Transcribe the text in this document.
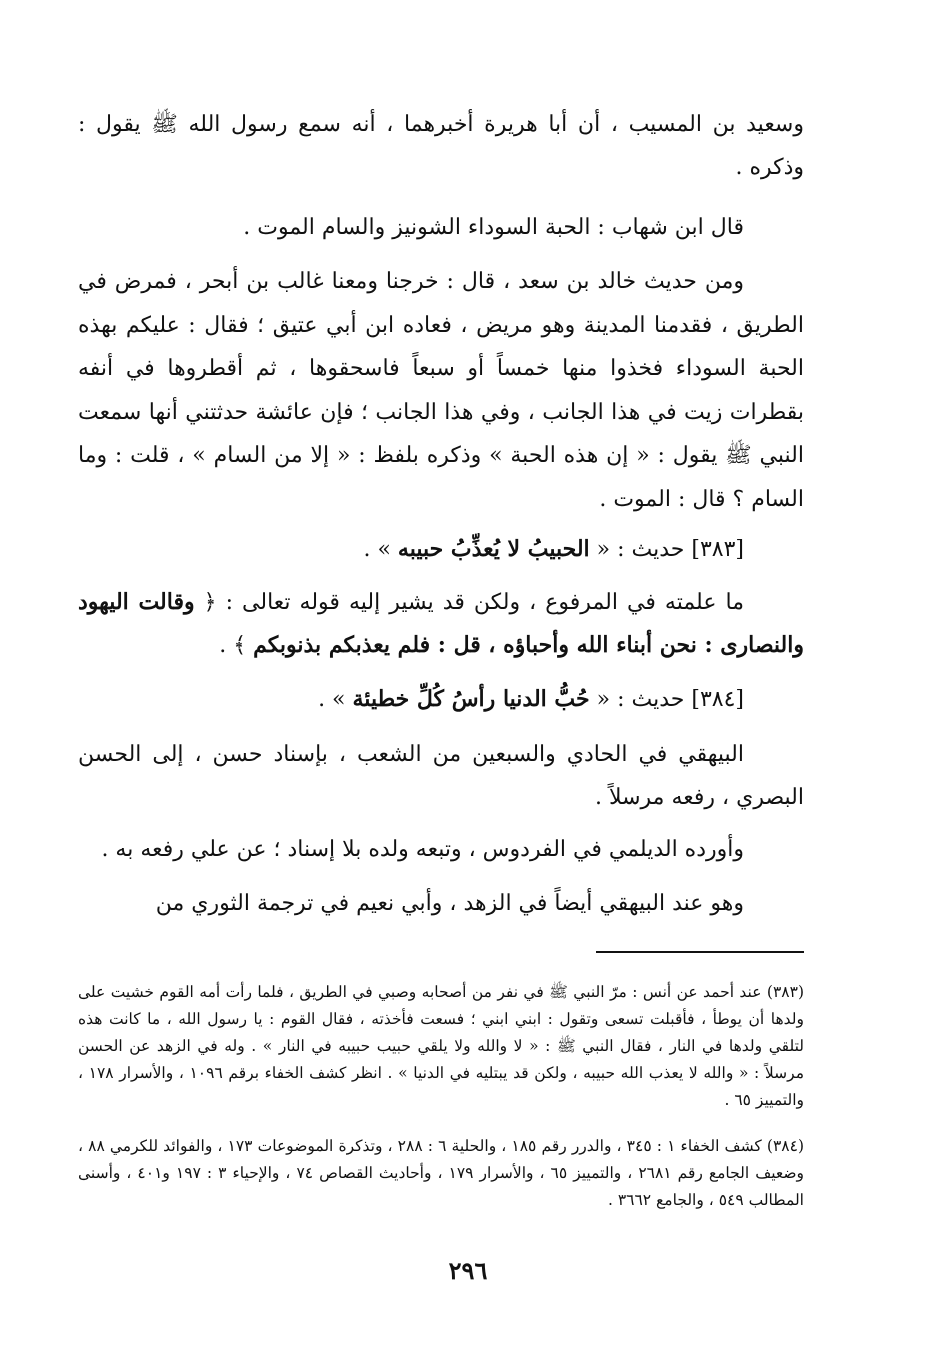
وسعيد بن المسيب ، أن أبا هريرة أخبرهما ، أنه سمع رسول الله ﷺ يقول : وذكره .
قال ابن شهاب : الحبة السوداء الشونيز والسام الموت .
ومن حديث خالد بن سعد ، قال : خرجنا ومعنا غالب بن أبحر ، فمرض في الطريق ، فقدمنا المدينة وهو مريض ، فعاده ابن أبي عتيق ؛ فقال : عليكم بهذه الحبة السوداء فخذوا منها خمساً أو سبعاً فاسحقوها ، ثم أقطروها في أنفه بقطرات زيت في هذا الجانب ، وفي هذا الجانب ؛ فإن عائشة حدثتني أنها سمعت النبي ﷺ يقول : « إن هذه الحبة » وذكره بلفظ : « إلا من السام » ، قلت : وما السام ؟ قال : الموت .
[٣٨٣] حديث : « الحبيبُ لا يُعذِّبُ حبيبه » .
ما علمته في المرفوع ، ولكن قد يشير إليه قوله تعالى : ﴿ وقالت اليهود والنصارى : نحن أبناء الله وأحباؤه ، قل : فلم يعذبكم بذنوبكم ﴾ .
[٣٨٤] حديث : « حُبُّ الدنيا رأسُ كُلِّ خطيئة » .
البيهقي في الحادي والسبعين من الشعب ، بإسناد حسن ، إلى الحسن البصري ، رفعه مرسلاً .
وأورده الديلمي في الفردوس ، وتبعه ولده بلا إسناد ؛ عن علي رفعه به .
وهو عند البيهقي أيضاً في الزهد ، وأبي نعيم في ترجمة الثوري من
(٣٨٣) عند أحمد عن أنس : مرّ النبي ﷺ في نفر من أصحابه وصبي في الطريق ، فلما رأت أمه القوم خشيت على ولدها أن يوطأ ، فأقبلت تسعى وتقول : ابني ابني ؛ فسعت فأخذته ، فقال القوم : يا رسول الله ، ما كانت هذه لتلقي ولدها في النار ، فقال النبي ﷺ : « لا والله ولا يلقي حبيب حبيبه في النار » . وله في الزهد عن الحسن مرسلاً : « والله لا يعذب الله حبيبه ، ولكن قد يبتليه في الدنيا » . انظر كشف الخفاء برقم ١٠٩٦ ، والأسرار ١٧٨ ، والتمييز ٦٥ .
(٣٨٤) كشف الخفاء ١ : ٣٤٥ ، والدرر رقم ١٨٥ ، والحلية ٦ : ٢٨٨ ، وتذكرة الموضوعات ١٧٣ ، والفوائد للكرمي ٨٨ ، وضعيف الجامع رقم ٢٦٨١ ، والتمييز ٦٥ ، والأسرار ١٧٩ ، وأحاديث القصاص ٧٤ ، والإحياء ٣ : ١٩٧ و٤٠١ ، وأسنى المطالب ٥٤٩ ، والجامع ٣٦٦٢ .
٢٩٦
